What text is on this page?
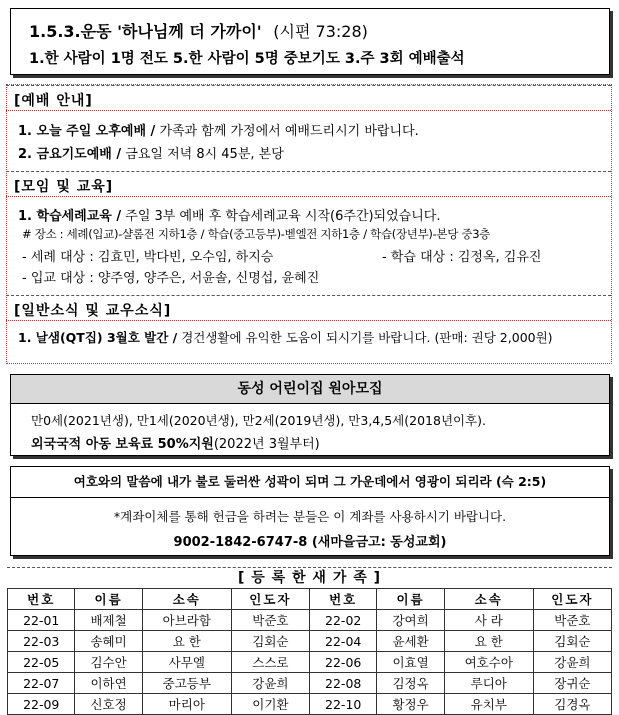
1.5.3.운동 '하나님께 더 가까이' (시편 73:28)
1.한 사람이 1명 전도 5.한 사람이 5명 중보기도 3.주 3회 예배출석
[예배 안내]
1. 오늘 주일 오후예배 / 가족과 함께 가정에서 예배드리시기 바랍니다.
2. 금요기도예배 / 금요일 저녁 8시 45분, 본당
[모임 및 교육]
1. 학습세례교육 / 주일 3부 예배 후 학습세례교육 시작(6주간)되었습니다.
# 장소 : 세례(입교)-샬롬전 지하1층 / 학습(중고등부)-벧엘전 지하1층 / 학습(장년부)-본당 중3층
- 세례 대상 : 김효민, 박다빈, 오수임, 하지승	- 학습 대상 : 김정옥, 김유진
- 입교 대상 : 양주영, 양주은, 서윤솔, 신명섭, 윤혜진
[일반소식 및 교우소식]
1. 날샘(QT집) 3월호 발간 / 경건생활에 유익한 도움이 되시기를 바랍니다. (판매: 권당 2,000원)
동성 어린이집 원아모집
만0세(2021년생), 만1세(2020년생), 만2세(2019년생), 만3,4,5세(2018년이후).
외국국적 아동 보육료 50%지원(2022년 3월부터)
여호와의 말씀에 내가 불로 둘러싼 성곽이 되며 그 가운데에서 영광이 되리라 (슥 2:5)
*계좌이체를 통해 헌금을 하려는 분들은 이 계좌를 사용하시기 바랍니다.
9002-1842-6747-8 (새마을금고: 동성교회)
[ 등 록 한 새 가 족 ]
번호	이름	소속	인도자	번호	이름	소속	인도자
22-01	배제철	아브라함	박준호	22-02	강여희	사 라	박준호
22-03	송혜미	요 한	김회순	22-04	윤세환	요 한	김회순
22-05	김수안	사무엘	스스로	22-06	이효열	여호수아	강윤희
22-07	이하연	중고등부	강윤희	22-08	김정옥	루디아	장귀순
22-09	신호정	마리아	이기환	22-10	황정우	유치부	김경옥
